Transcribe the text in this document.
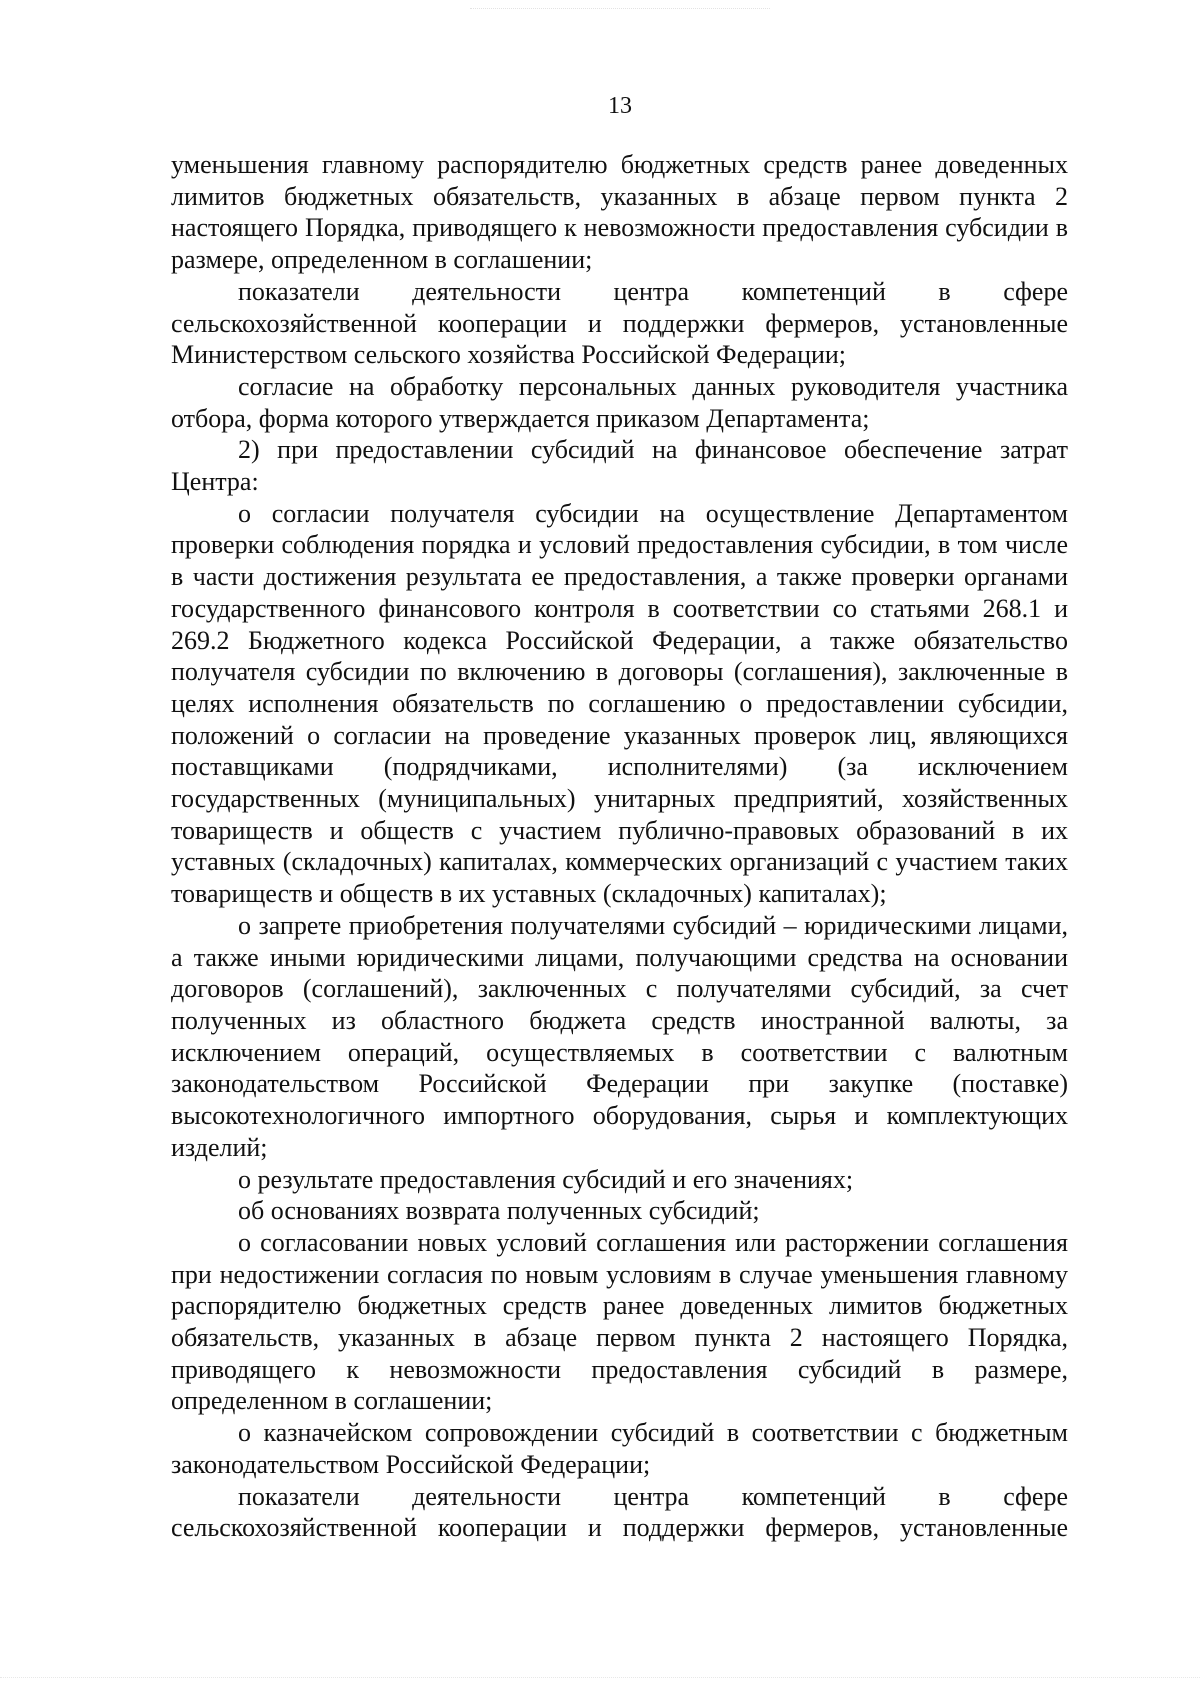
13

уменьшения главному распорядителю бюджетных средств ранее доведенных лимитов бюджетных обязательств, указанных в абзаце первом пункта 2 настоящего Порядка, приводящего к невозможности предоставления субсидии в размере, определенном в соглашении;

показатели деятельности центра компетенций в сфере сельскохозяйственной кооперации и поддержки фермеров, установленные Министерством сельского хозяйства Российской Федерации;

согласие на обработку персональных данных руководителя участника отбора, форма которого утверждается приказом Департамента;

2) при предоставлении субсидий на финансовое обеспечение затрат Центра:

о согласии получателя субсидии на осуществление Департаментом проверки соблюдения порядка и условий предоставления субсидии, в том числе в части достижения результата ее предоставления, а также проверки органами государственного финансового контроля в соответствии со статьями 268.1 и 269.2 Бюджетного кодекса Российской Федерации, а также обязательство получателя субсидии по включению в договоры (соглашения), заключенные в целях исполнения обязательств по соглашению о предоставлении субсидии, положений о согласии на проведение указанных проверок лиц, являющихся поставщиками (подрядчиками, исполнителями) (за исключением государственных (муниципальных) унитарных предприятий, хозяйственных товариществ и обществ с участием публично-правовых образований в их уставных (складочных) капиталах, коммерческих организаций с участием таких товариществ и обществ в их уставных (складочных) капиталах);

о запрете приобретения получателями субсидий – юридическими лицами, а также иными юридическими лицами, получающими средства на основании договоров (соглашений), заключенных с получателями субсидий, за счет полученных из областного бюджета средств иностранной валюты, за исключением операций, осуществляемых в соответствии с валютным законодательством Российской Федерации при закупке (поставке) высокотехнологичного импортного оборудования, сырья и комплектующих изделий;

о результате предоставления субсидий и его значениях;

об основаниях возврата полученных субсидий;

о согласовании новых условий соглашения или расторжении соглашения при недостижении согласия по новым условиям в случае уменьшения главному распорядителю бюджетных средств ранее доведенных лимитов бюджетных обязательств, указанных в абзаце первом пункта 2 настоящего Порядка, приводящего к невозможности предоставления субсидий в размере, определенном в соглашении;

о казначейском сопровождении субсидий в соответствии с бюджетным законодательством Российской Федерации;

показатели деятельности центра компетенций в сфере сельскохозяйственной кооперации и поддержки фермеров, установленные
